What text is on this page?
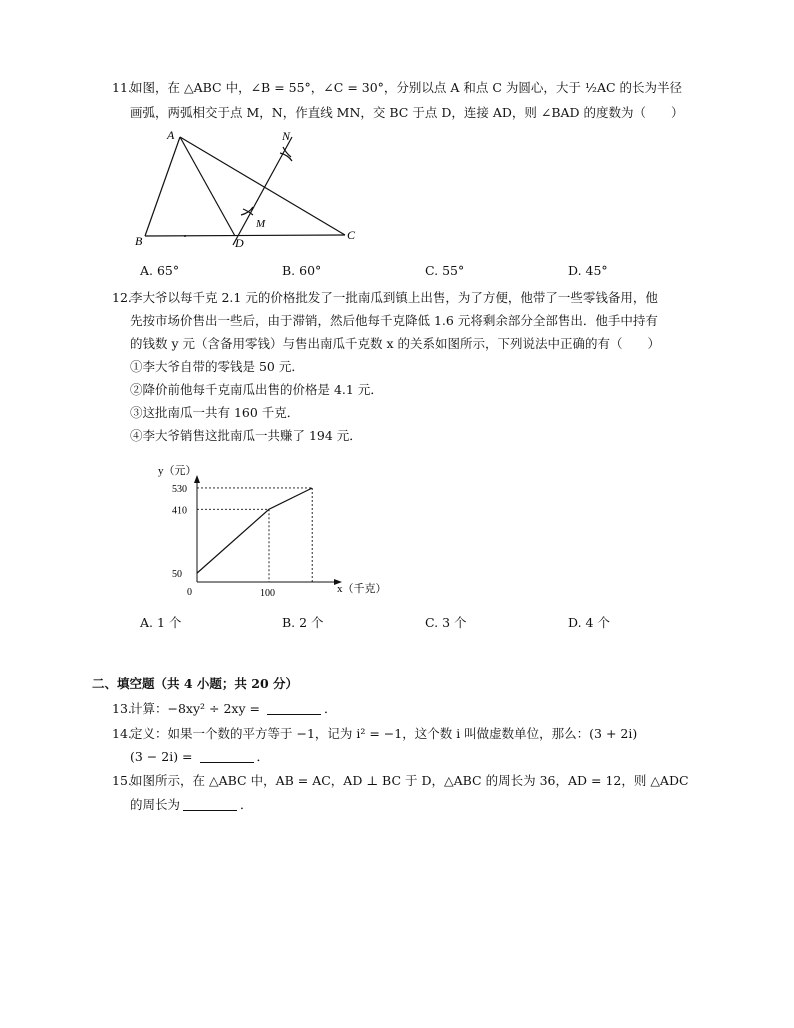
11.
如图，在 △ABC 中，∠B = 55°，∠C = 30°，分别以点 A 和点 C 为圆心，大于 ½AC 的长为半径
画弧，两弧相交于点 M，N，作直线 MN，交 BC 于点 D，连接 AD，则 ∠BAD 的度数为（　　）
A
B	C
D
M
N
A. 65°	B. 60°	C. 55°	D. 45°
12.
李大爷以每千克 2.1 元的价格批发了一批南瓜到镇上出售，为了方便，他带了一些零钱备用，他
先按市场价售出一些后，由于滞销，然后他每千克降低 1.6 元将剩余部分全部售出．他手中持有
的钱数 y 元（含备用零钱）与售出南瓜千克数 x 的关系如图所示，下列说法中正确的有（　　）
①李大爷自带的零钱是 50 元．
②降价前他每千克南瓜出售的价格是 4.1 元．
③这批南瓜一共有 160 千克．
④李大爷销售这批南瓜一共赚了 194 元．
y（元）
x（千克）
0
530
410
50
100
A. 1 个	B. 2 个	C. 3 个	D. 4 个
二、填空题（共 4 小题；共 20 分）
13.
计算：−8xy² ÷ 2xy =	．
14.
定义：如果一个数的平方等于 −1，记为 i² = −1，这个数 i 叫做虚数单位，那么：(3 + 2i)
(3 − 2i) =	．
15.
如图所示，在 △ABC 中，AB = AC，AD ⊥ BC 于 D，△ABC 的周长为 36，AD = 12，则 △ADC
的周长为	．
